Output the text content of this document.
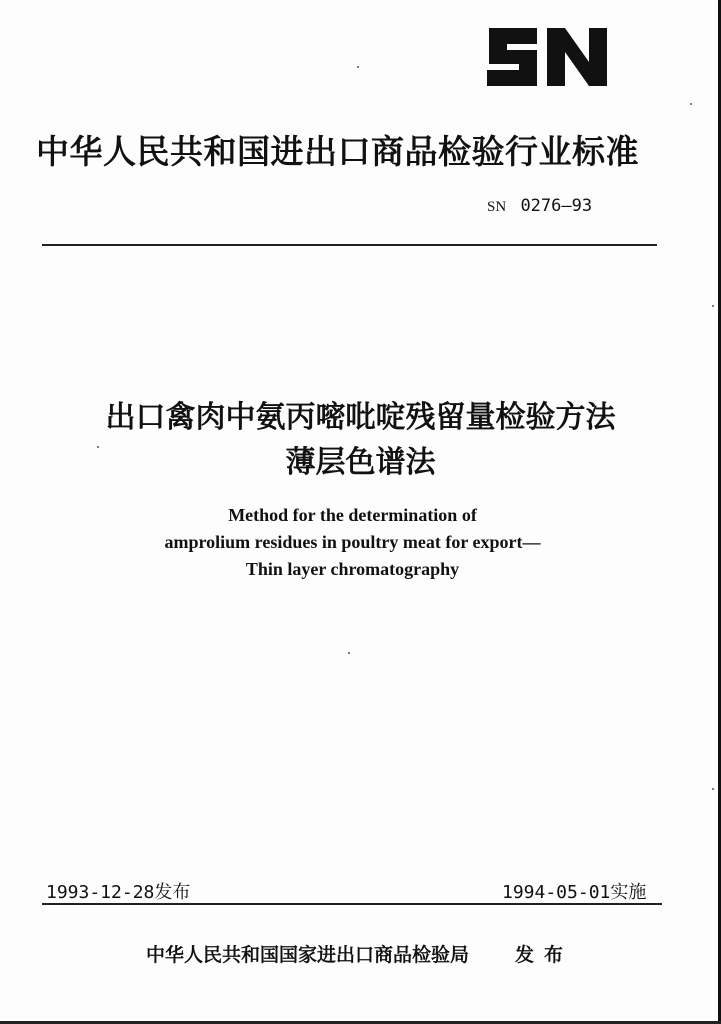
中华人民共和国进出口商品检验行业标准
SN 0276—93
出口禽肉中氨丙嘧吡啶残留量检验方法
薄层色谱法
Method for the determination of
amprolium residues in poultry meat for export—
Thin layer chromatography
1993-12-28发布	1994-05-01实施
中华人民共和国国家进出口商品检验局 发布
